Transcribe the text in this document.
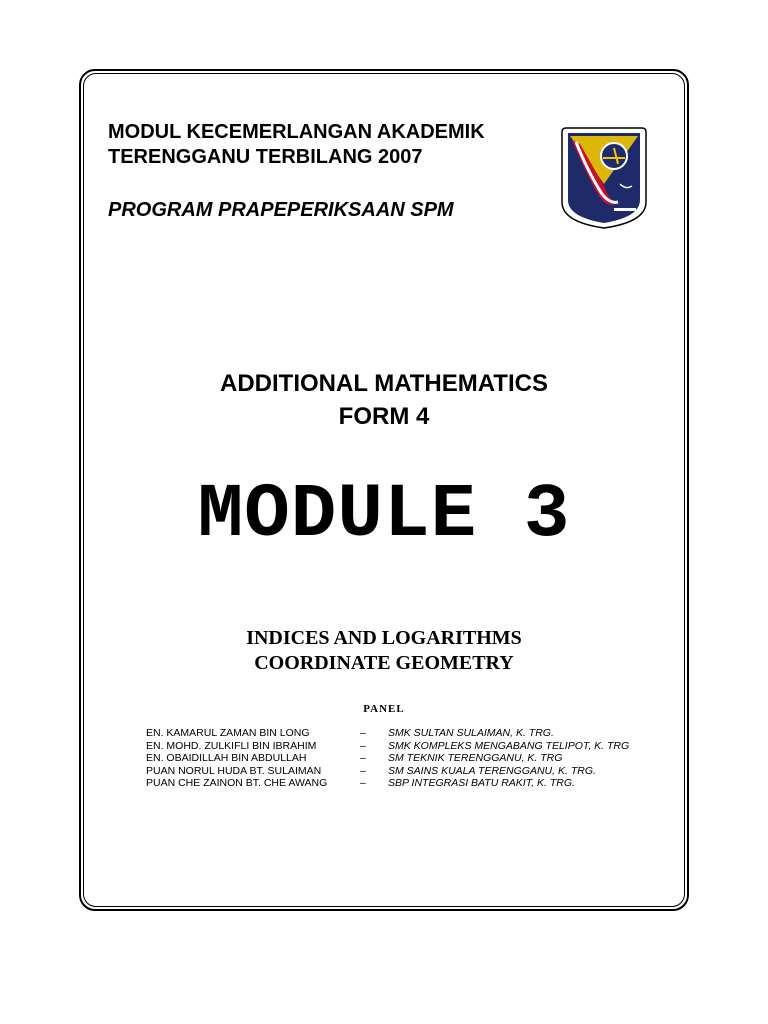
MODUL KECEMERLANGAN AKADEMIK
TERENGGANU TERBILANG 2007
PROGRAM PRAPEPERIKSAAN SPM
ADDITIONAL MATHEMATICS
FORM 4
MODULE 3
INDICES AND LOGARITHMS
COORDINATE GEOMETRY
PANEL
EN. KAMARUL ZAMAN BIN LONG	–	SMK SULTAN SULAIMAN, K. TRG.
EN. MOHD. ZULKIFLI BIN IBRAHIM	–	SMK KOMPLEKS MENGABANG TELIPOT, K. TRG
EN. OBAIDILLAH BIN ABDULLAH	–	SM TEKNIK TERENGGANU, K. TRG
PUAN NORUL HUDA BT. SULAIMAN	–	SM SAINS KUALA TERENGGANU, K. TRG.
PUAN CHE ZAINON BT. CHE AWANG	–	SBP INTEGRASI BATU RAKIT, K. TRG.
